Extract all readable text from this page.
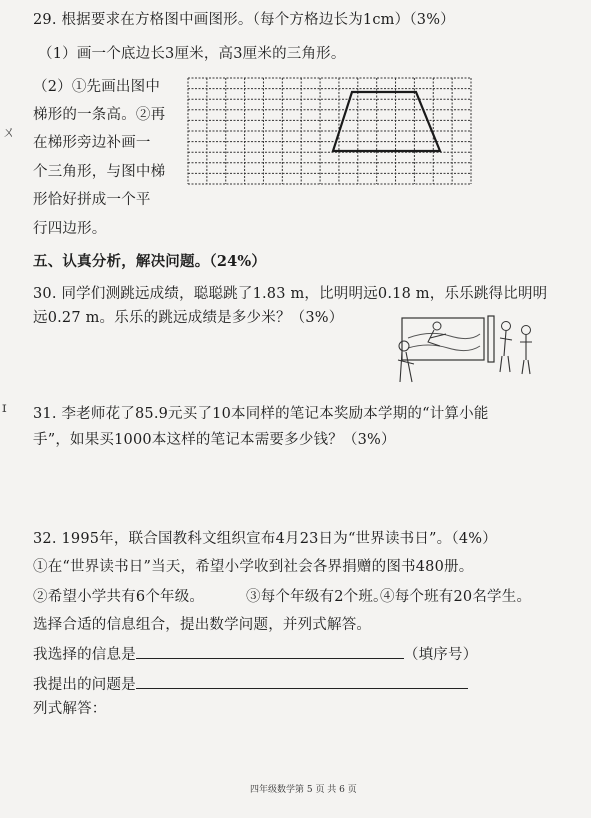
29. 根据要求在方格图中画图形。（每个方格边长为1cm）（3%）
（1）画一个底边长3厘米，高3厘米的三角形。
（2）①先画出图中
梯形的一条高。②再
在梯形旁边补画一
个三角形，与图中梯
形恰好拼成一个平
行四边形。
五、认真分析，解决问题。（24%）
30. 同学们测跳远成绩，聪聪跳了1.83 m，比明明远0.18 m，乐乐跳得比明明
远0.27 m。乐乐的跳远成绩是多少米？（3%）
31. 李老师花了85.9元买了10本同样的笔记本奖励本学期的“计算小能
手”，如果买1000本这样的笔记本需要多少钱？（3%）
32. 1995年，联合国教科文组织宣布4月23日为“世界读书日”。（4%）
①在“世界读书日”当天，希望小学收到社会各界捐赠的图书480册。
②希望小学共有6个年级。	③每个年级有2个班。
④每个班有20名学生。
选择合适的信息组合，提出数学问题，并列式解答。
我选择的信息是	（填序号）
我提出的问题是
列式解答：
四年级数学第 5 页 共 6 页
ㄨ
ɪ
